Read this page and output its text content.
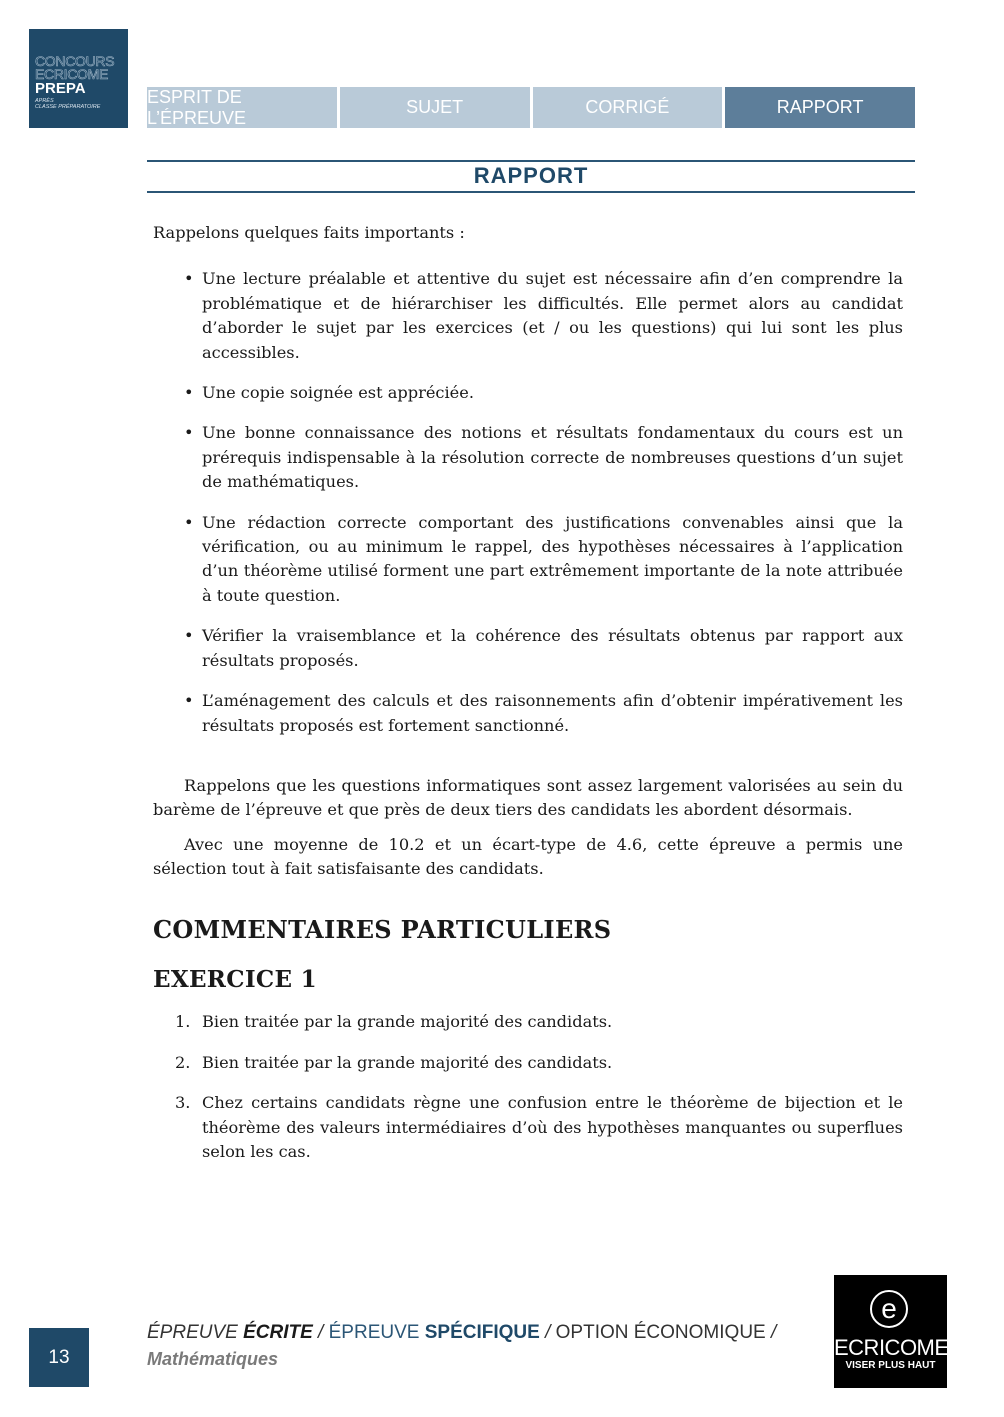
CONCOURS
ECRICOME
PREPA
APRÈS
CLASSE PRÉPARATOIRE
ESPRIT DE L’ÉPREUVE
SUJET	CORRIGÉ	RAPPORT
RAPPORT

Rappelons quelques faits importants :

• Une lecture préalable et attentive du sujet est nécessaire afin d’en comprendre la problématique et de hiérarchiser les difficultés. Elle permet alors au candidat d’aborder le sujet par les exercices (et / ou les questions) qui lui sont les plus accessibles.
• Une copie soignée est appréciée.
• Une bonne connaissance des notions et résultats fondamentaux du cours est un prérequis indispensable à la résolution correcte de nombreuses questions d’un sujet de mathématiques.
• Une rédaction correcte comportant des justifications convenables ainsi que la vérification, ou au minimum le rappel, des hypothèses nécessaires à l’application d’un théorème utilisé forment une part extrêmement importante de la note attribuée à toute question.
• Vérifier la vraisemblance et la cohérence des résultats obtenus par rapport aux résultats proposés.
• L’aménagement des calculs et des raisonnements afin d’obtenir impérativement les résultats proposés est fortement sanctionné.

Rappelons que les questions informatiques sont assez largement valorisées au sein du barème de l’épreuve et que près de deux tiers des candidats les abordent désormais.

Avec une moyenne de 10.2 et un écart-type de 4.6, cette épreuve a permis une sélection tout à fait satisfaisante des candidats.

COMMENTAIRES PARTICULIERS
EXERCICE 1
1. Bien traitée par la grande majorité des candidats.
2. Bien traitée par la grande majorité des candidats.
3. Chez certains candidats règne une confusion entre le théorème de bijection et le théorème des valeurs intermédiaires d’où des hypothèses manquantes ou superflues selon les cas.
13
ÉPREUVE ÉCRITE / ÉPREUVE SPÉCIFIQUE / OPTION ÉCONOMIQUE /
Mathématiques
e
ECRICOME
VISER PLUS HAUT
